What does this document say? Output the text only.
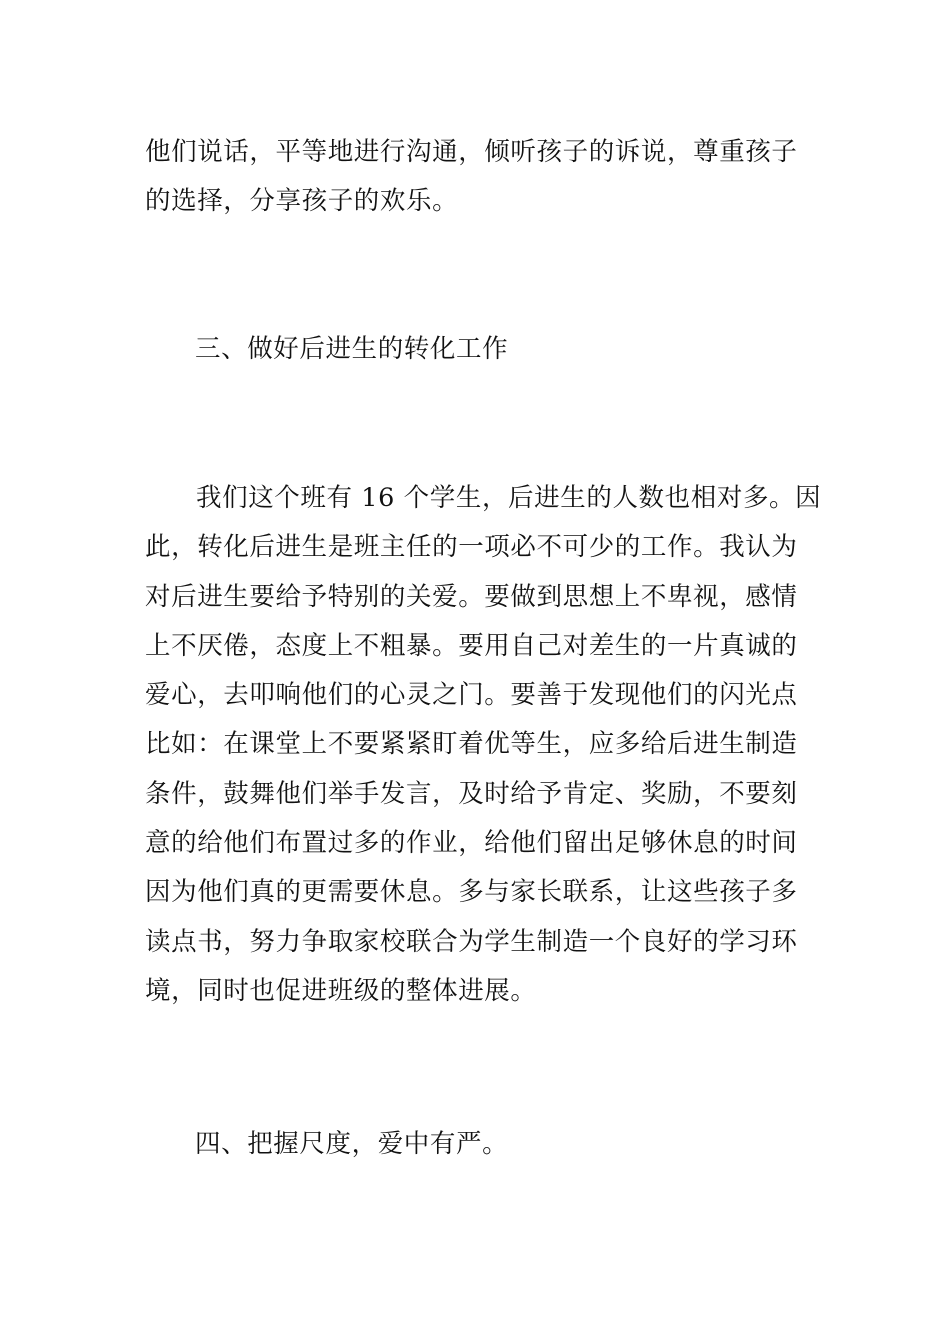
他们说话，平等地进行沟通，倾听孩子的诉说，尊重孩子
的选择，分享孩子的欢乐。

三、做好后进生的转化工作

我们这个班有 16 个学生，后进生的人数也相对多。因
此，转化后进生是班主任的一项必不可少的工作。我认为
对后进生要给予特别的关爱。要做到思想上不卑视，感情
上不厌倦，态度上不粗暴。要用自己对差生的一片真诚的
爱心，去叩响他们的心灵之门。要善于发现他们的闪光点
比如：在课堂上不要紧紧盯着优等生，应多给后进生制造
条件，鼓舞他们举手发言，及时给予肯定、奖励，不要刻
意的给他们布置过多的作业，给他们留出足够休息的时间
因为他们真的更需要休息。多与家长联系，让这些孩子多
读点书，努力争取家校联合为学生制造一个良好的学习环
境，同时也促进班级的整体进展。

四、把握尺度，爱中有严。
